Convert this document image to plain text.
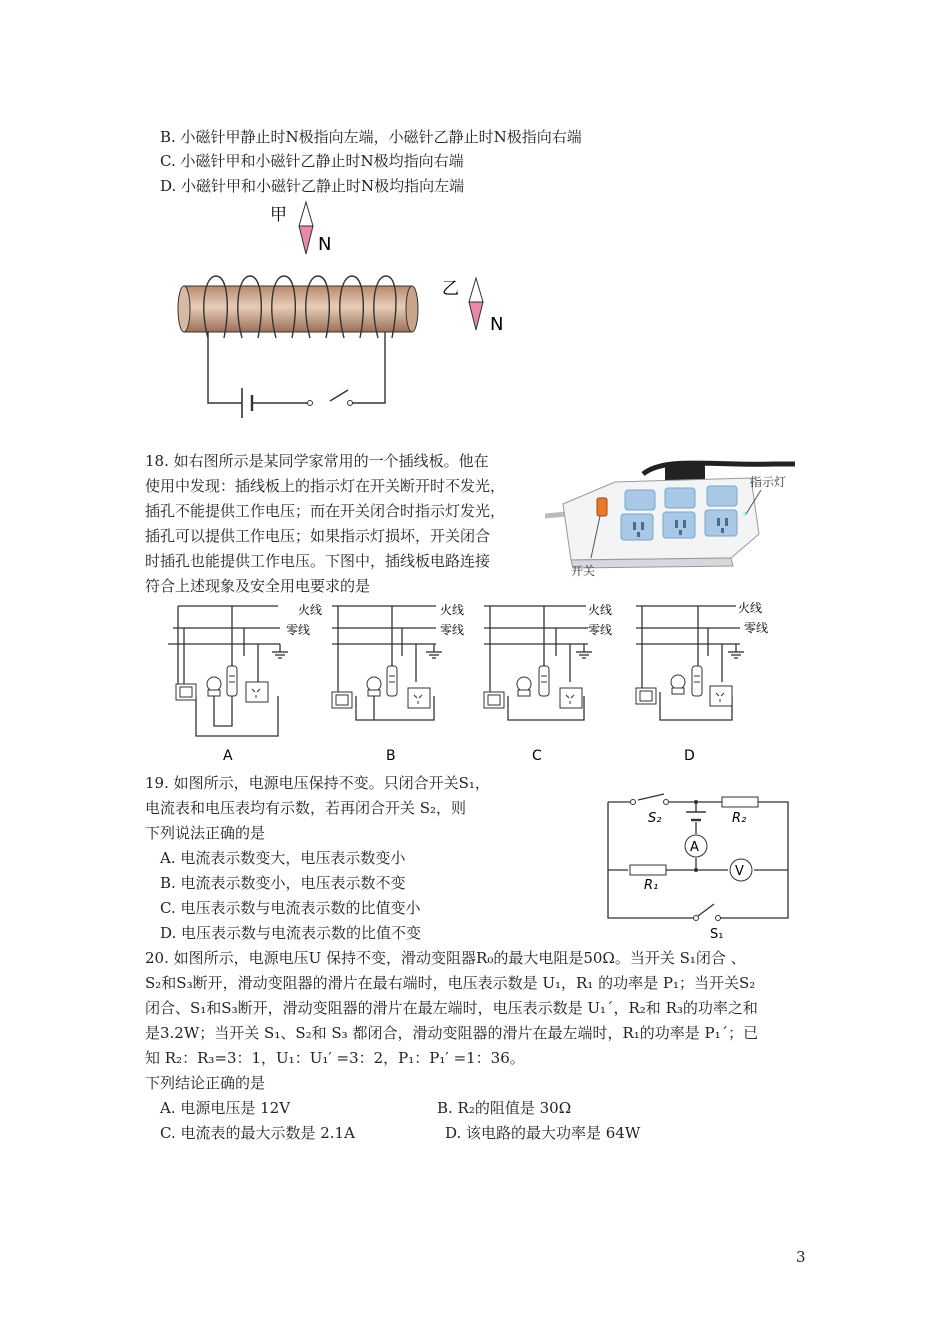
B. 小磁针甲静止时N极指向左端，小磁针乙静止时N极指向右端
C. 小磁针甲和小磁针乙静止时N极均指向右端
D. 小磁针甲和小磁针乙静止时N极均指向左端
甲
N
乙
N
18. 如右图所示是某同学家常用的一个插线板。他在
使用中发现：插线板上的指示灯在开关断开时不发光，
插孔不能提供工作电压；而在开关闭合时指示灯发光，
插孔可以提供工作电压；如果指示灯损坏，开关闭合
时插孔也能提供工作电压。下图中，插线板电路连接
符合上述现象及安全用电要求的是
指示灯
开关
A
火线
零线
B
火线
零线
C
火线
零线
D
火线
零线
19. 如图所示，电源电压保持不变。只闭合开关S₁，
电流表和电压表均有示数，若再闭合开关 S₂，则
下列说法正确的是
A. 电流表示数变大，电压表示数变小
B. 电流表示数变小，电压表示数不变
C. 电压表示数与电流表示数的比值变小
D. 电压表示数与电流表示数的比值不变
A
V
S₂	R₂
R₁
S₁
20. 如图所示，电源电压U 保持不变，滑动变阻器R₀的最大电阻是50Ω。当开关 S₁闭合 、
S₂和S₃断开，滑动变阻器的滑片在最右端时，电压表示数是 U₁，R₁ 的功率是 P₁；当开关S₂
闭合、S₁和S₃断开，滑动变阻器的滑片在最左端时，电压表示数是 U₁ˊ，R₂和 R₃的功率之和
是3.2W；当开关 S₁、S₂和 S₃ 都闭合，滑动变阻器的滑片在最左端时，R₁的功率是 P₁ˊ；已
知 R₂：R₃=3：1，U₁：U₁′ =3：2，P₁：P₁′ =1：36。
下列结论正确的是
A. 电源电压是 12V	B. R₂的阻值是 30Ω
C. 电流表的最大示数是 2.1A	D. 该电路的最大功率是 64W
3
